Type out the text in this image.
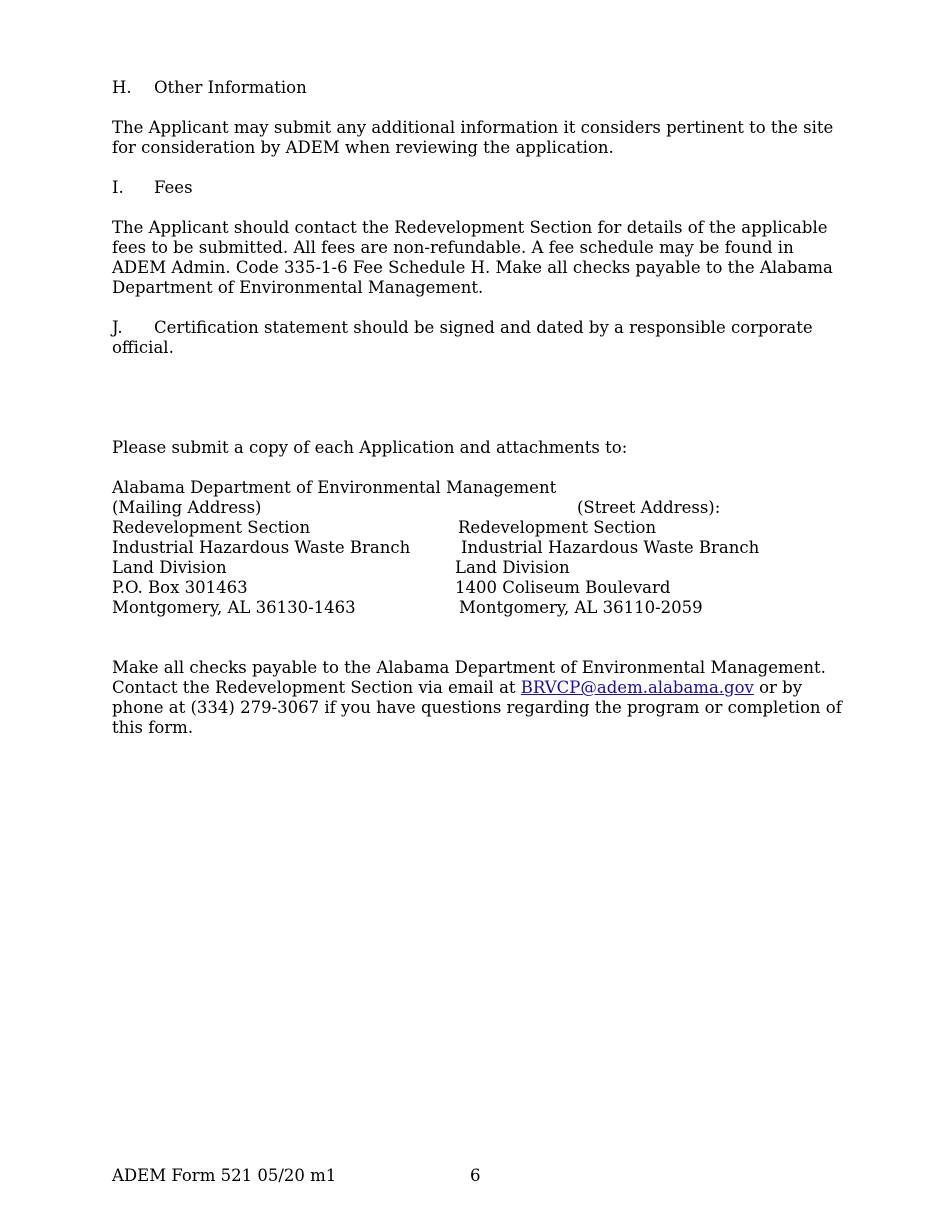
H.	Other Information

The Applicant may submit any additional information it considers pertinent to the site for consideration by ADEM when reviewing the application.

I.	Fees

The Applicant should contact the Redevelopment Section for details of the applicable fees to be submitted. All fees are non-refundable. A fee schedule may be found in ADEM Admin. Code 335-1-6 Fee Schedule H. Make all checks payable to the Alabama Department of Environmental Management.

J. Certification statement should be signed and dated by a responsible corporate official.

Please submit a copy of each Application and attachments to:

Alabama Department of Environmental Management
(Mailing Address)	(Street Address):
Redevelopment Section	Redevelopment Section
Industrial Hazardous Waste Branch	Industrial Hazardous Waste Branch
Land Division	Land Division
P.O. Box 301463	1400 Coliseum Boulevard
Montgomery, AL 36130-1463	Montgomery, AL 36110-2059

Make all checks payable to the Alabama Department of Environmental Management. Contact the Redevelopment Section via email at BRVCP@adem.alabama.gov or by phone at (334) 279-3067 if you have questions regarding the program or completion of this form.

ADEM Form 521 05/20 m1	6
